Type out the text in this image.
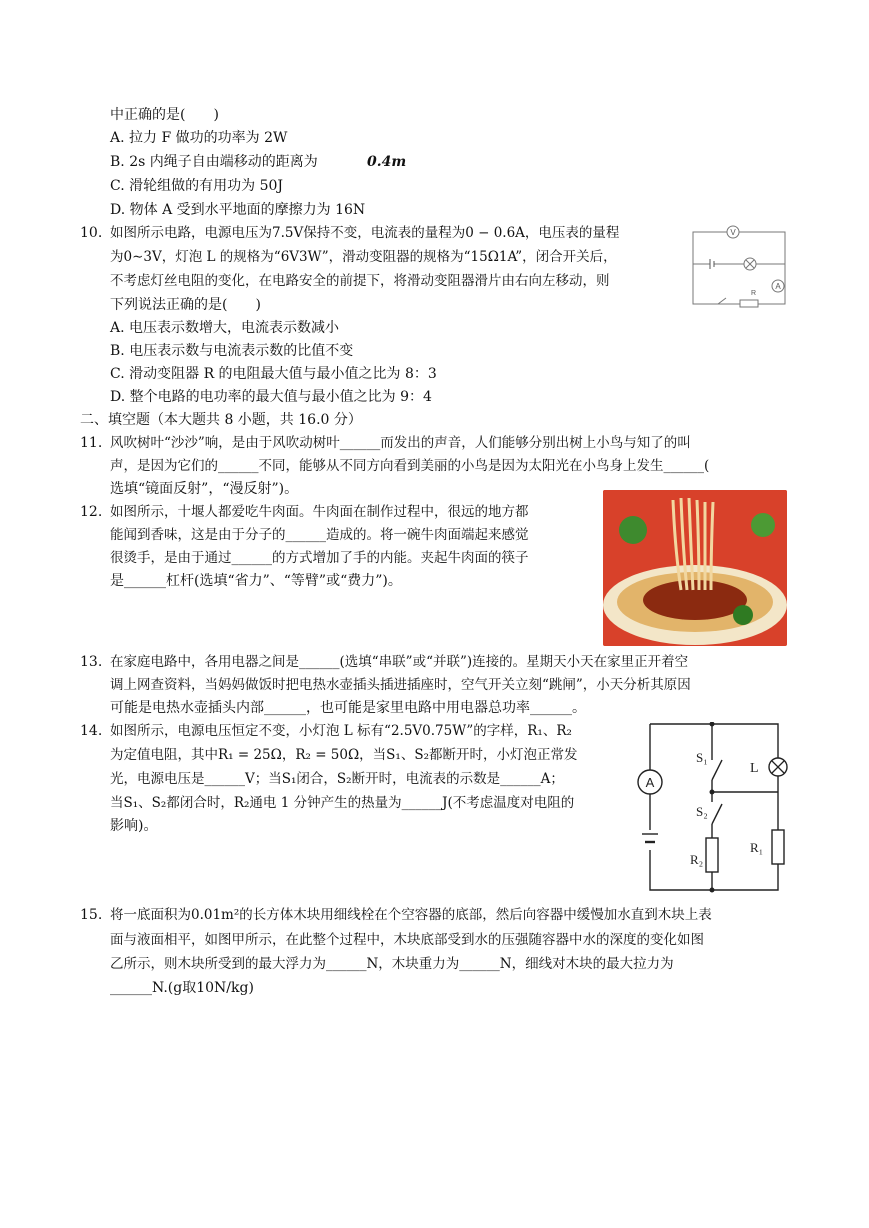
中正确的是(　　)
A. 拉力 F 做功的功率为 2W
B. 2s 内绳子自由端移动的距离为	0.4m
C. 滑轮组做的有用功为 50J
D. 物体 A 受到水平地面的摩擦力为 16N
10. 如图所示电路，电源电压为7.5V保持不变，电流表的量程为0 − 0.6A，电压表的量程
为0∼3V，灯泡 L 的规格为“6V3W”，滑动变阻器的规格为“15Ω1A”，闭合开关后，
不考虑灯丝电阻的变化，在电路安全的前提下，将滑动变阻器滑片由右向左移动，则
下列说法正确的是(　　)
A. 电压表示数增大，电流表示数减小
B. 电压表示数与电流表示数的比值不变
C. 滑动变阻器 R 的电阻最大值与最小值之比为 8：3
D. 整个电路的电功率的最大值与最小值之比为 9：4
V
A
R
二、填空题（本大题共 8 小题，共 16.0 分）
11. 风吹树叶“沙沙”响，是由于风吹动树叶______而发出的声音，人们能够分别出树上小鸟与知了的叫
声，是因为它们的______不同，能够从不同方向看到美丽的小鸟是因为太阳光在小鸟身上发生______(
选填“镜面反射”，“漫反射”)。
12. 如图所示，十堰人都爱吃牛肉面。牛肉面在制作过程中，很远的地方都
能闻到香味，这是由于分子的______造成的。将一碗牛肉面端起来感觉
很烫手，是由于通过______的方式增加了手的内能。夹起牛肉面的筷子
是______杠杆(选填“省力”、“等臂”或“费力”)。
13. 在家庭电路中，各用电器之间是______(选填“串联”或“并联”)连接的。星期天小天在家里正开着空
调上网查资料，当妈妈做饭时把电热水壶插头插进插座时，空气开关立刻“跳闸”，小天分析其原因
可能是电热水壶插头内部______，也可能是家里电路中用电器总功率______。
14. 如图所示，电源电压恒定不变，小灯泡 L 标有“2.5V0.75W”的字样，R₁、R₂
为定值电阻，其中R₁ = 25Ω，R₂ = 50Ω，当S₁、S₂都断开时，小灯泡正常发
光，电源电压是______V；当S₁闭合，S₂断开时，电流表的示数是______A；
当S₁、S₂都闭合时，R₂通电 1 分钟产生的热量为______J(不考虑温度对电阻的
影响)。
A
S₁
L
S₂
R₂
R₁
15. 将一底面积为0.01m²的长方体木块用细线栓在个空容器的底部，然后向容器中缓慢加水直到木块上表
面与液面相平，如图甲所示，在此整个过程中，木块底部受到水的压强随容器中水的深度的变化如图
乙所示，则木块所受到的最大浮力为______N，木块重力为______N，细线对木块的最大拉力为
______N.(g取10N/kg)
